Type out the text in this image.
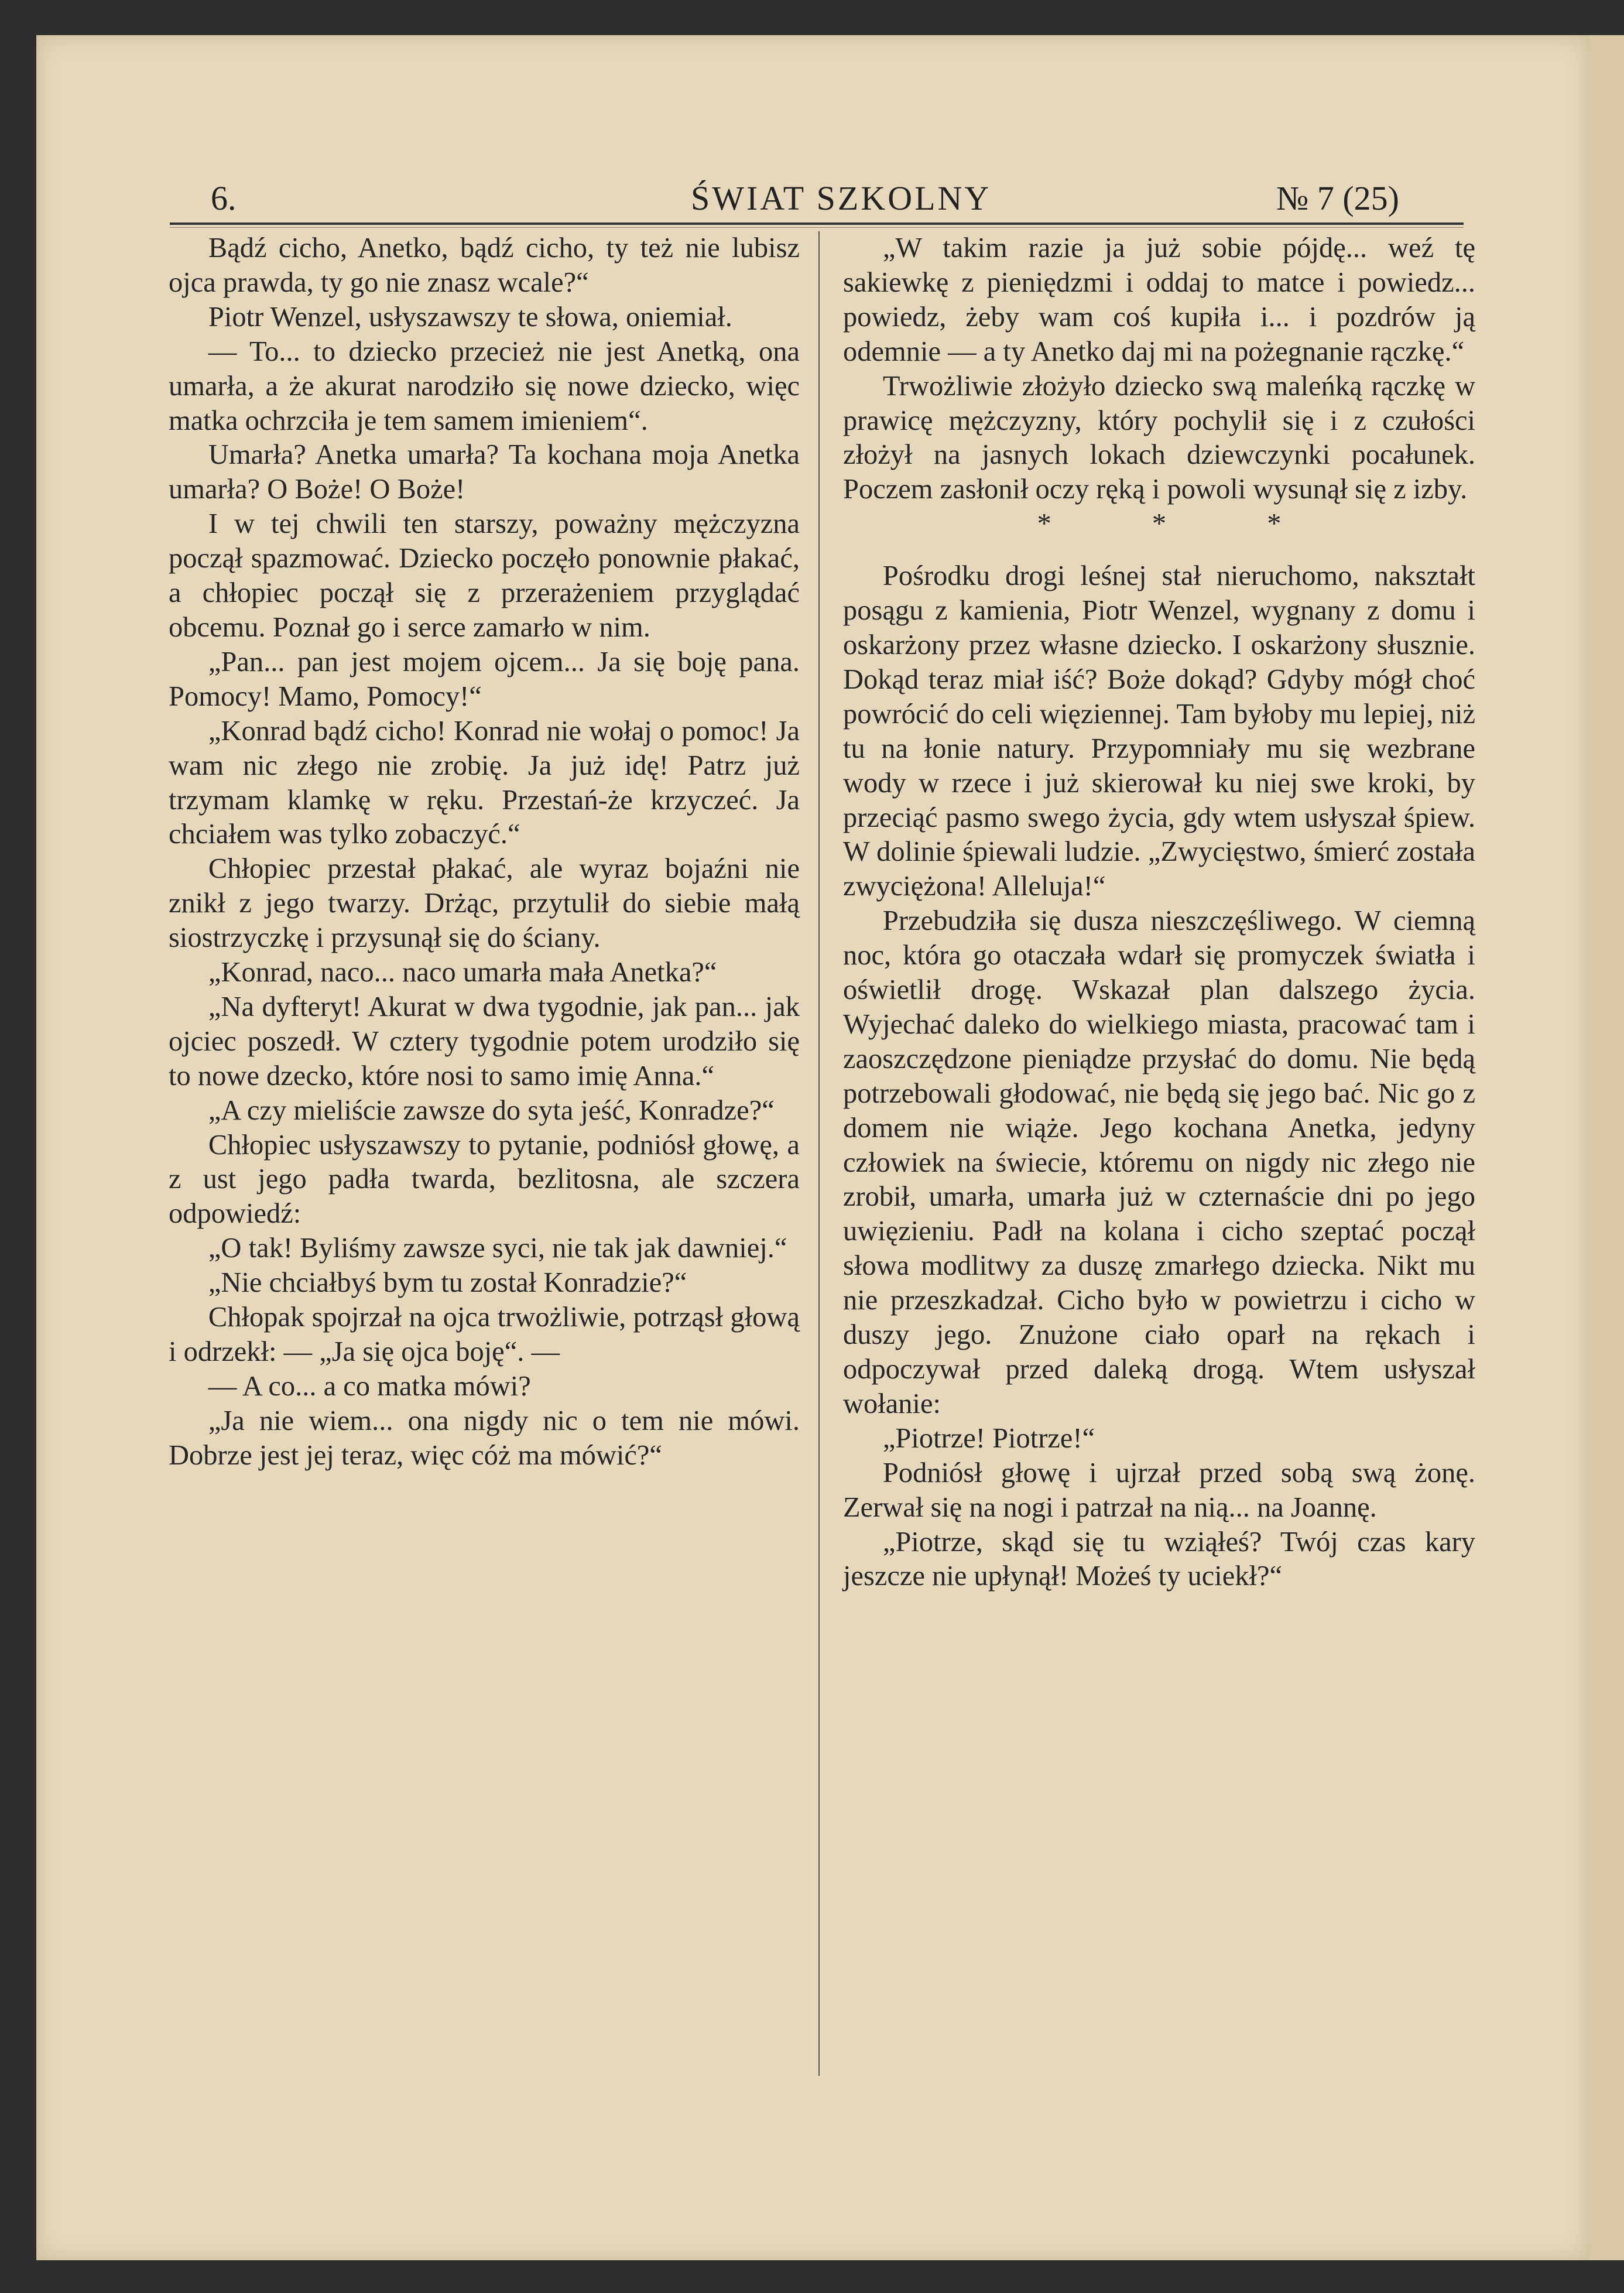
6.	ŚWIAT SZKOLNY	№ 7 (25)

Bądź cicho, Anetko, bądź cicho, ty też nie lubisz ojca prawda, ty go nie znasz wcale?“

Piotr Wenzel, usłyszawszy te słowa, oniemiał.

— To... to dziecko przecież nie jest Anetką, ona umarła, a że akurat narodziło się nowe dziecko, więc matka ochrzciła je tem samem imieniem“.

Umarła? Anetka umarła? Ta kochana moja Anetka umarła? O Boże! O Boże!

I w tej chwili ten starszy, poważny mężczyzna począł spazmować. Dziecko poczęło ponownie płakać, a chłopiec począł się z przerażeniem przyglądać obcemu. Poznał go i serce zamarło w nim.

„Pan... pan jest mojem ojcem... Ja się boję pana. Pomocy! Mamo, Pomocy!“

„Konrad bądź cicho! Konrad nie wołaj o pomoc! Ja wam nic złego nie zrobię. Ja już idę! Patrz już trzymam klamkę w ręku. Przestań-że krzyczeć. Ja chciałem was tylko zobaczyć.“

Chłopiec przestał płakać, ale wyraz bojaźni nie znikł z jego twarzy. Drżąc, przytulił do siebie małą siostrzyczkę i przysunął się do ściany.

„Konrad, naco... naco umarła mała Anetka?“

„Na dyfteryt! Akurat w dwa tygodnie, jak pan... jak ojciec poszedł. W cztery tygodnie potem urodziło się to nowe dzecko, które nosi to samo imię Anna.“

„A czy mieliście zawsze do syta jeść, Konradze?“

Chłopiec usłyszawszy to pytanie, podniósł głowę, a z ust jego padła twarda, bezlitosna, ale szczera odpowiedź:

„O tak! Byliśmy zawsze syci, nie tak jak dawniej.“

„Nie chciałbyś bym tu został Konradzie?“

Chłopak spojrzał na ojca trwożliwie, potrząsł głową i odrzekł: — „Ja się ojca boję“. —

— A co... a co matka mówi?

„Ja nie wiem... ona nigdy nic o tem nie mówi. Dobrze jest jej teraz, więc cóż ma mówić?“

„W takim razie ja już sobie pójdę... weź tę sakiewkę z pieniędzmi i oddaj to matce i powiedz... powiedz, żeby wam coś kupiła i... i pozdrów ją odemnie — a ty Anetko daj mi na pożegnanie rączkę.“

Trwożliwie złożyło dziecko swą maleńką rączkę w prawicę mężczyzny, który pochylił się i z czułości złożył na jasnych lokach dziewczynki pocałunek. Poczem zasłonił oczy ręką i powoli wysunął się z izby.

* * *

Pośrodku drogi leśnej stał nieruchomo, nakształt posągu z kamienia, Piotr Wenzel, wygnany z domu i oskarżony przez własne dziecko. I oskarżony słusznie. Dokąd teraz miał iść? Boże dokąd? Gdyby mógł choć powrócić do celi więziennej. Tam byłoby mu lepiej, niż tu na łonie natury. Przypomniały mu się wezbrane wody w rzece i już skierował ku niej swe kroki, by przeciąć pasmo swego życia, gdy wtem usłyszał śpiew. W dolinie śpiewali ludzie. „Zwycięstwo, śmierć została zwyciężona! Alleluja!“

Przebudziła się dusza nieszczęśliwego. W ciemną noc, która go otaczała wdarł się promyczek światła i oświetlił drogę. Wskazał plan dalszego życia. Wyjechać daleko do wielkiego miasta, pracować tam i zaoszczędzone pieniądze przysłać do domu. Nie będą potrzebowali głodować, nie będą się jego bać. Nic go z domem nie wiąże. Jego kochana Anetka, jedyny człowiek na świecie, któremu on nigdy nic złego nie zrobił, umarła, umarła już w czternaście dni po jego uwięzieniu. Padł na kolana i cicho szeptać począł słowa modlitwy za duszę zmarłego dziecka. Nikt mu nie przeszkadzał. Cicho było w powietrzu i cicho w duszy jego. Znużone ciało oparł na rękach i odpoczywał przed daleką drogą. Wtem usłyszał wołanie:

„Piotrze! Piotrze!“

Podniósł głowę i ujrzał przed sobą swą żonę. Zerwał się na nogi i patrzał na nią... na Joannę.

„Piotrze, skąd się tu wziąłeś? Twój czas kary jeszcze nie upłynął! Możeś ty uciekł?“
